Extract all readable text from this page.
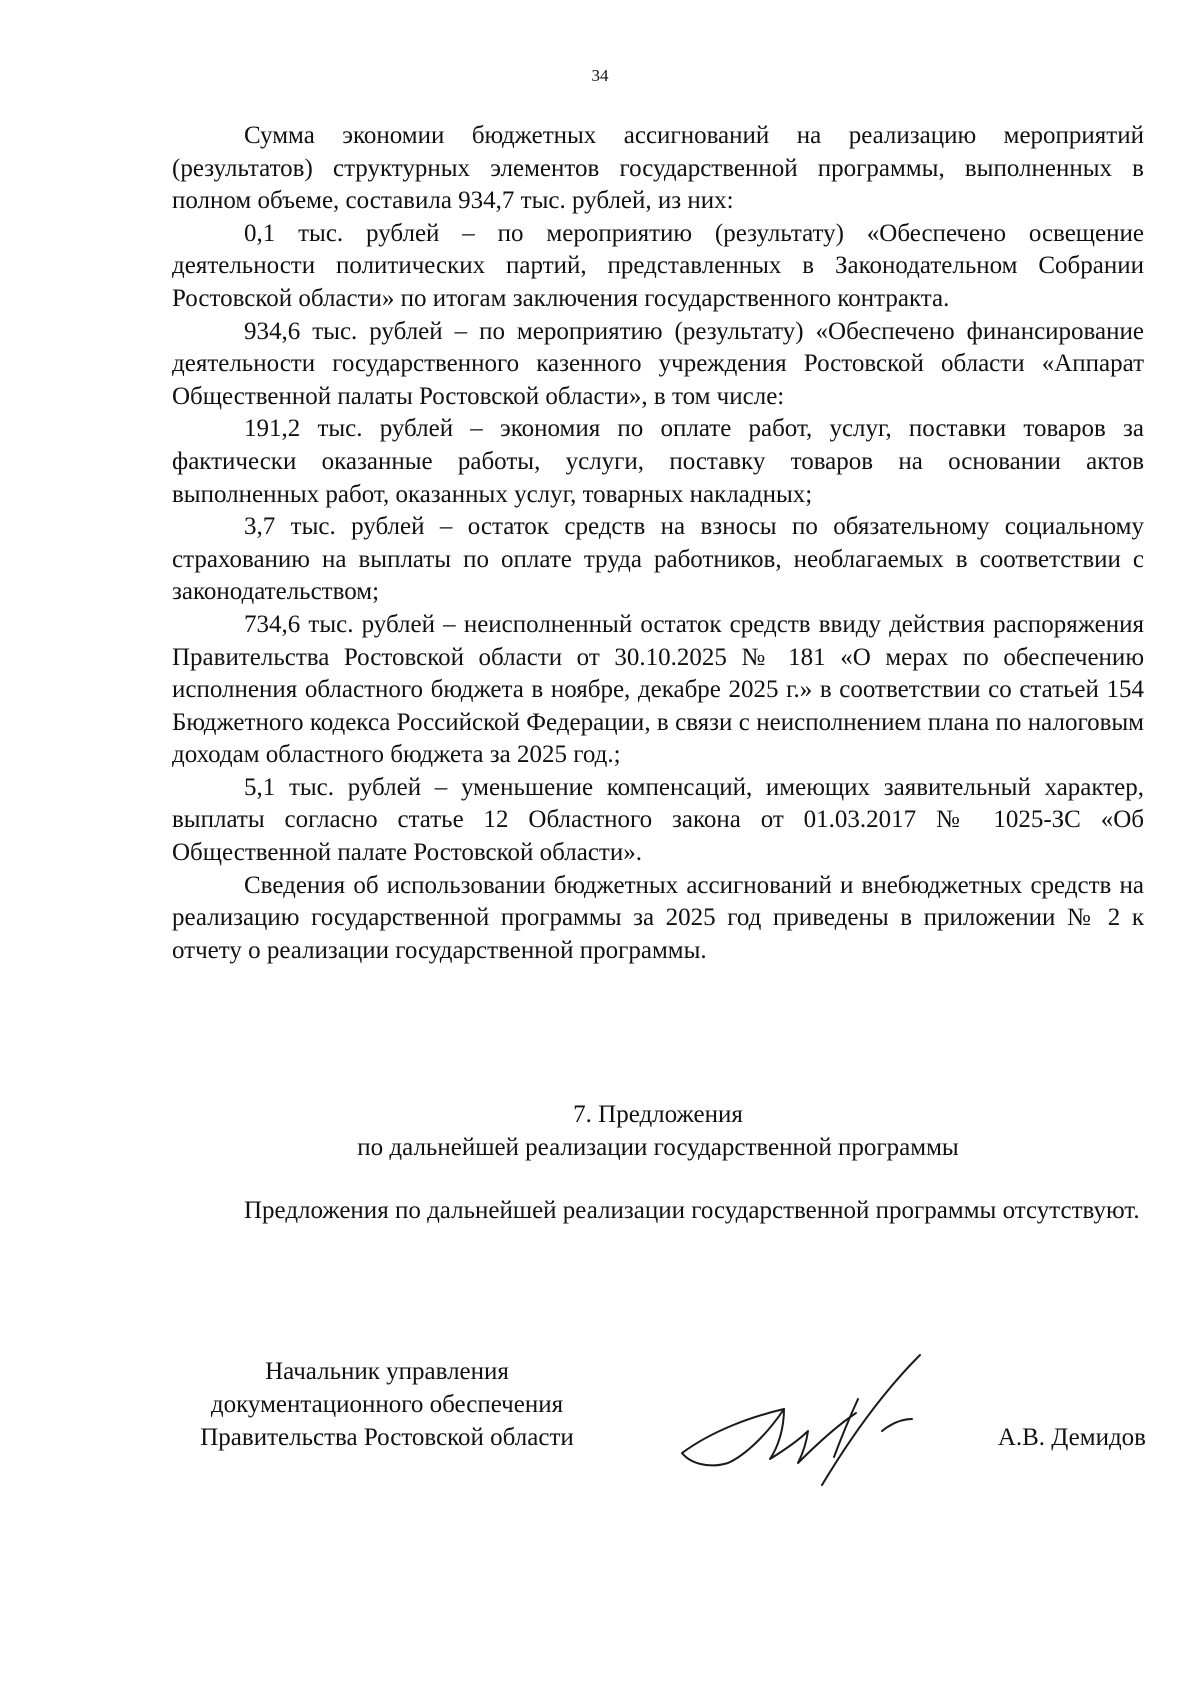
34

Сумма экономии бюджетных ассигнований на реализацию мероприятий (результатов) структурных элементов государственной программы, выполненных в полном объеме, составила 934,7 тыс. рублей, из них:

0,1 тыс. рублей – по мероприятию (результату) «Обеспечено освещение деятельности политических партий, представленных в Законодательном Собрании Ростовской области» по итогам заключения государственного контракта.

934,6 тыс. рублей – по мероприятию (результату) «Обеспечено финансирование деятельности государственного казенного учреждения Ростовской области «Аппарат Общественной палаты Ростовской области», в том числе:

191,2 тыс. рублей – экономия по оплате работ, услуг, поставки товаров за фактически оказанные работы, услуги, поставку товаров на основании актов выполненных работ, оказанных услуг, товарных накладных;

3,7 тыс. рублей – остаток средств на взносы по обязательному социальному страхованию на выплаты по оплате труда работников, необлагаемых в соответствии с законодательством;

734,6 тыс. рублей – неисполненный остаток средств ввиду действия распоряжения Правительства Ростовской области от 30.10.2025 № 181 «О мерах по обеспечению исполнения областного бюджета в ноябре, декабре 2025 г.» в соответствии со статьей 154 Бюджетного кодекса Российской Федерации, в связи с неисполнением плана по налоговым доходам областного бюджета за 2025 год.;

5,1 тыс. рублей – уменьшение компенсаций, имеющих заявительный характер, выплаты согласно статье 12 Областного закона от 01.03.2017 № 1025-ЗС «Об Общественной палате Ростовской области».

Сведения об использовании бюджетных ассигнований и внебюджетных средств на реализацию государственной программы за 2025 год приведены в приложении № 2 к отчету о реализации государственной программы.

7. Предложения
по дальнейшей реализации государственной программы

Предложения по дальнейшей реализации государственной программы отсутствуют.

Начальник управления
документационного обеспечения
Правительства Ростовской области	А.В. Демидов
